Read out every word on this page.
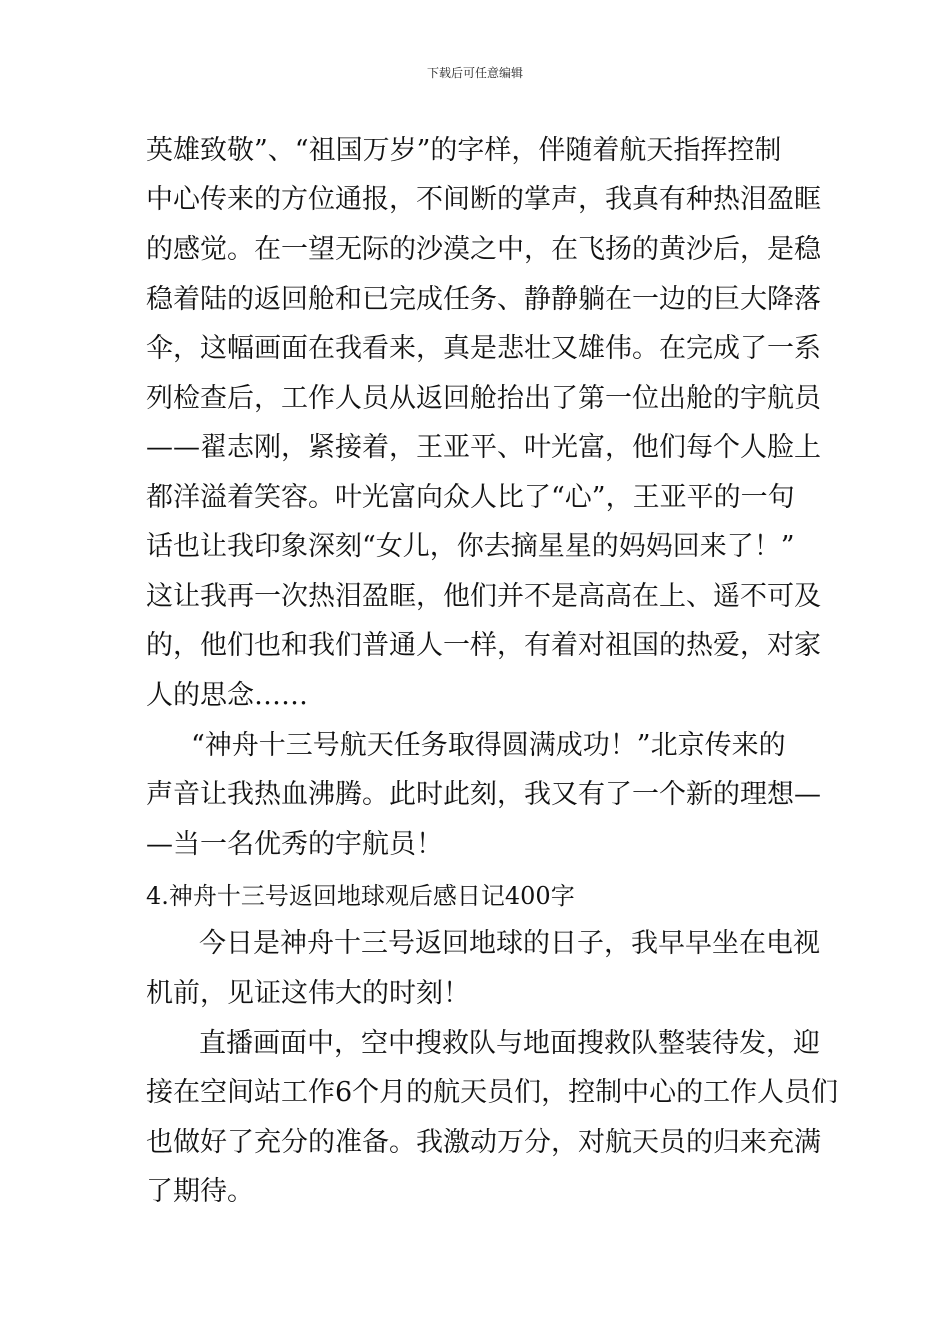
下载后可任意编辑
英雄致敬”、“祖国万岁”的字样，伴随着航天指挥控制
中心传来的方位通报，不间断的掌声，我真有种热泪盈眶
的感觉。在一望无际的沙漠之中，在飞扬的黄沙后，是稳
稳着陆的返回舱和已完成任务、静静躺在一边的巨大降落
伞，这幅画面在我看来，真是悲壮又雄伟。在完成了一系
列检查后，工作人员从返回舱抬出了第一位出舱的宇航员
——翟志刚，紧接着，王亚平、叶光富，他们每个人脸上
都洋溢着笑容。叶光富向众人比了“心”，王亚平的一句
话也让我印象深刻“女儿，你去摘星星的妈妈回来了！”
这让我再一次热泪盈眶，他们并不是高高在上、遥不可及
的，他们也和我们普通人一样，有着对祖国的热爱，对家
人的思念……
“神舟十三号航天任务取得圆满成功！”北京传来的
声音让我热血沸腾。此时此刻，我又有了一个新的理想—
—当一名优秀的宇航员！
4.神舟十三号返回地球观后感日记400字
今日是神舟十三号返回地球的日子，我早早坐在电视
机前，见证这伟大的时刻！
直播画面中，空中搜救队与地面搜救队整装待发，迎
接在空间站工作6个月的航天员们，控制中心的工作人员们
也做好了充分的准备。我激动万分，对航天员的归来充满
了期待。
